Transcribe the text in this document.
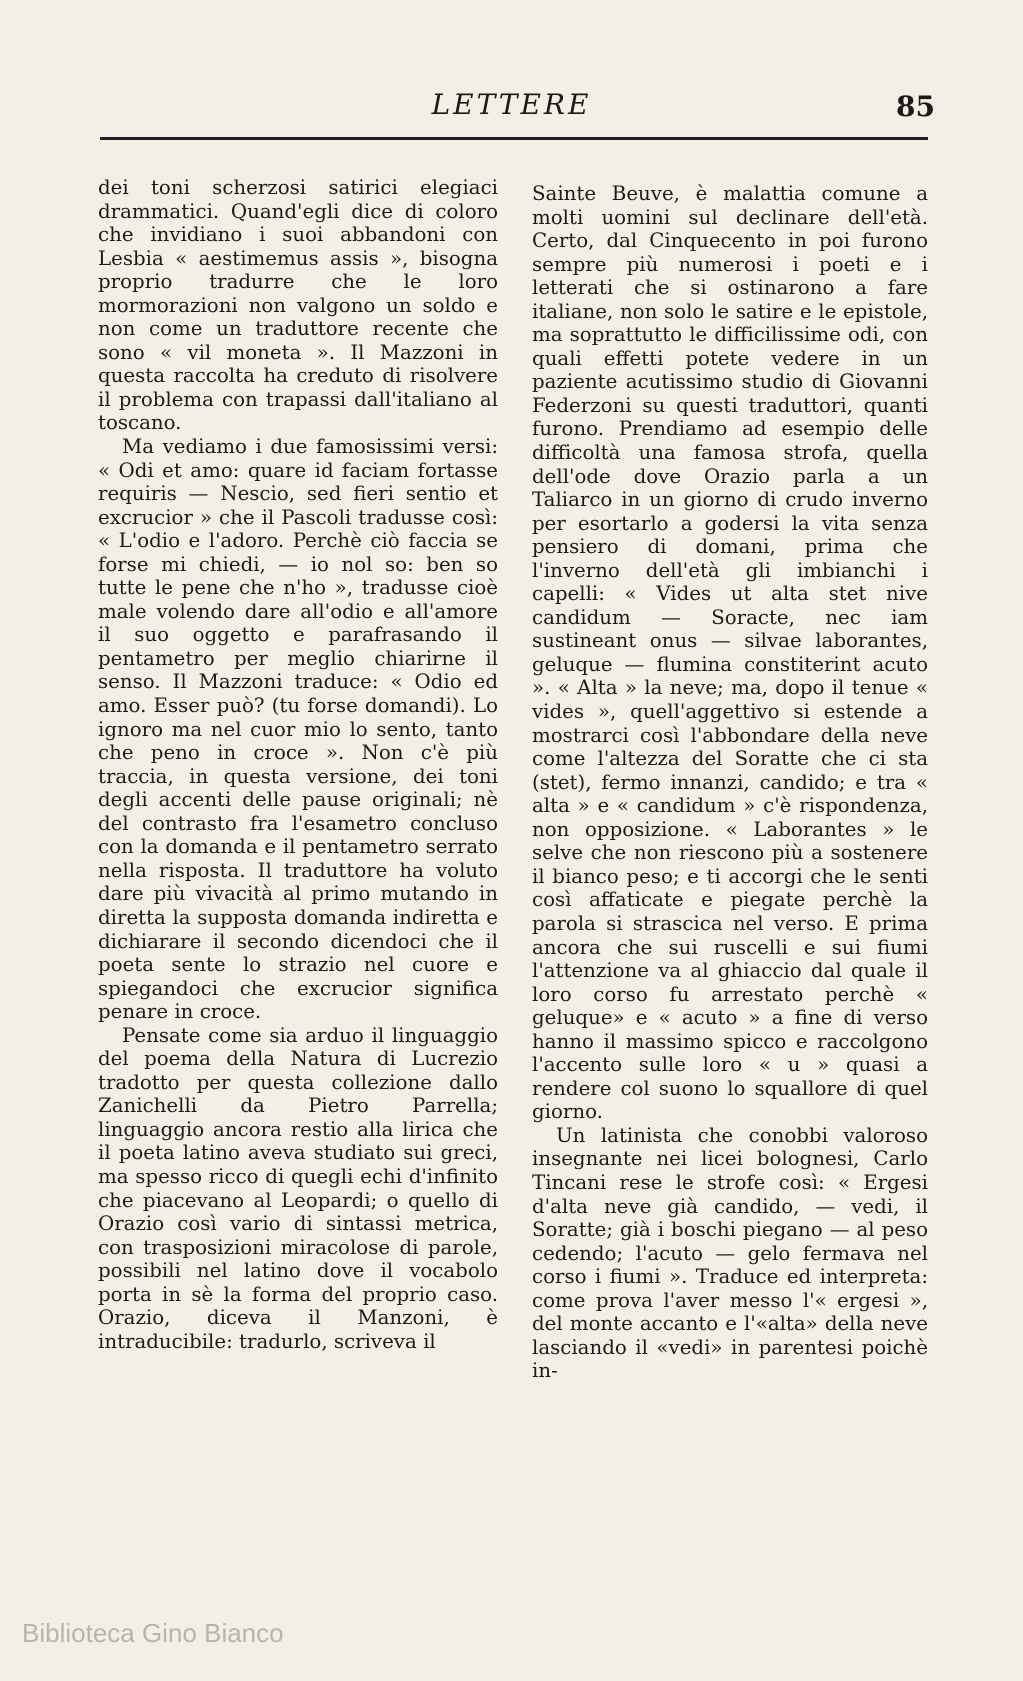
LETTERE	85

dei toni scherzosi satirici elegiaci drammatici. Quand'egli dice di coloro che invidiano i suoi abbandoni con Lesbia « aestimemus assis », bisogna proprio tradurre che le loro mormorazioni non valgono un soldo e non come un traduttore recente che sono « vil moneta ». Il Mazzoni in questa raccolta ha creduto di risolvere il problema con trapassi dall'italiano al toscano.

Ma vediamo i due famosissimi versi: « Odi et amo: quare id faciam fortasse requiris — Nescio, sed fieri sentio et excrucior » che il Pascoli tradusse così: « L'odio e l'adoro. Perchè ciò faccia se forse mi chiedi, — io nol so: ben so tutte le pene che n'ho », tradusse cioè male volendo dare all'odio e all'amore il suo oggetto e parafrasando il pentametro per meglio chiarirne il senso. Il Mazzoni traduce: « Odio ed amo. Esser può? (tu forse domandi). Lo ignoro ma nel cuor mio lo sento, tanto che peno in croce ». Non c'è più traccia, in questa versione, dei toni degli accenti delle pause originali; nè del contrasto fra l'esametro concluso con la domanda e il pentametro serrato nella risposta. Il traduttore ha voluto dare più vivacità al primo mutando in diretta la supposta domanda indiretta e dichiarare il secondo dicendoci che il poeta sente lo strazio nel cuore e spiegandoci che excrucior significa penare in croce.

Pensate come sia arduo il linguaggio del poema della Natura di Lucrezio tradotto per questa collezione dallo Zanichelli da Pietro Parrella; linguaggio ancora restio alla lirica che il poeta latino aveva studiato sui greci, ma spesso ricco di quegli echi d'infinito che piacevano al Leopardi; o quello di Orazio così vario di sintassi metrica, con trasposizioni miracolose di parole, possibili nel latino dove il vocabolo porta in sè la forma del proprio caso. Orazio, diceva il Manzoni, è intraducibile: tradurlo, scriveva il

Sainte Beuve, è malattia comune a molti uomini sul declinare dell'età. Certo, dal Cinquecento in poi furono sempre più numerosi i poeti e i letterati che si ostinarono a fare italiane, non solo le satire e le epistole, ma soprattutto le difficilissime odi, con quali effetti potete vedere in un paziente acutissimo studio di Giovanni Federzoni su questi traduttori, quanti furono. Prendiamo ad esempio delle difficoltà una famosa strofa, quella dell'ode dove Orazio parla a un Taliarco in un giorno di crudo inverno per esortarlo a godersi la vita senza pensiero di domani, prima che l'inverno dell'età gli imbianchi i capelli: « Vides ut alta stet nive candidum — Soracte, nec iam sustineant onus — silvae laborantes, geluque — flumina constiterint acuto ». « Alta » la neve; ma, dopo il tenue « vides », quell'aggettivo si estende a mostrarci così l'abbondare della neve come l'altezza del Soratte che ci sta (stet), fermo innanzi, candido; e tra « alta » e « candidum » c'è rispondenza, non opposizione. « Laborantes » le selve che non riescono più a sostenere il bianco peso; e ti accorgi che le senti così affaticate e piegate perchè la parola si strascica nel verso. E prima ancora che sui ruscelli e sui fiumi l'attenzione va al ghiaccio dal quale il loro corso fu arrestato perchè « geluque» e « acuto » a fine di verso hanno il massimo spicco e raccolgono l'accento sulle loro « u » quasi a rendere col suono lo squallore di quel giorno.

Un latinista che conobbi valoroso insegnante nei licei bolognesi, Carlo Tincani rese le strofe così: « Ergesi d'alta neve già candido, — vedi, il Soratte; già i boschi piegano — al peso cedendo; l'acuto — gelo fermava nel corso i fiumi ». Traduce ed interpreta: come prova l'aver messo l'« ergesi », del monte accanto e l'«alta» della neve lasciando il «vedi» in parentesi poichè in-

Biblioteca Gino Bianco
